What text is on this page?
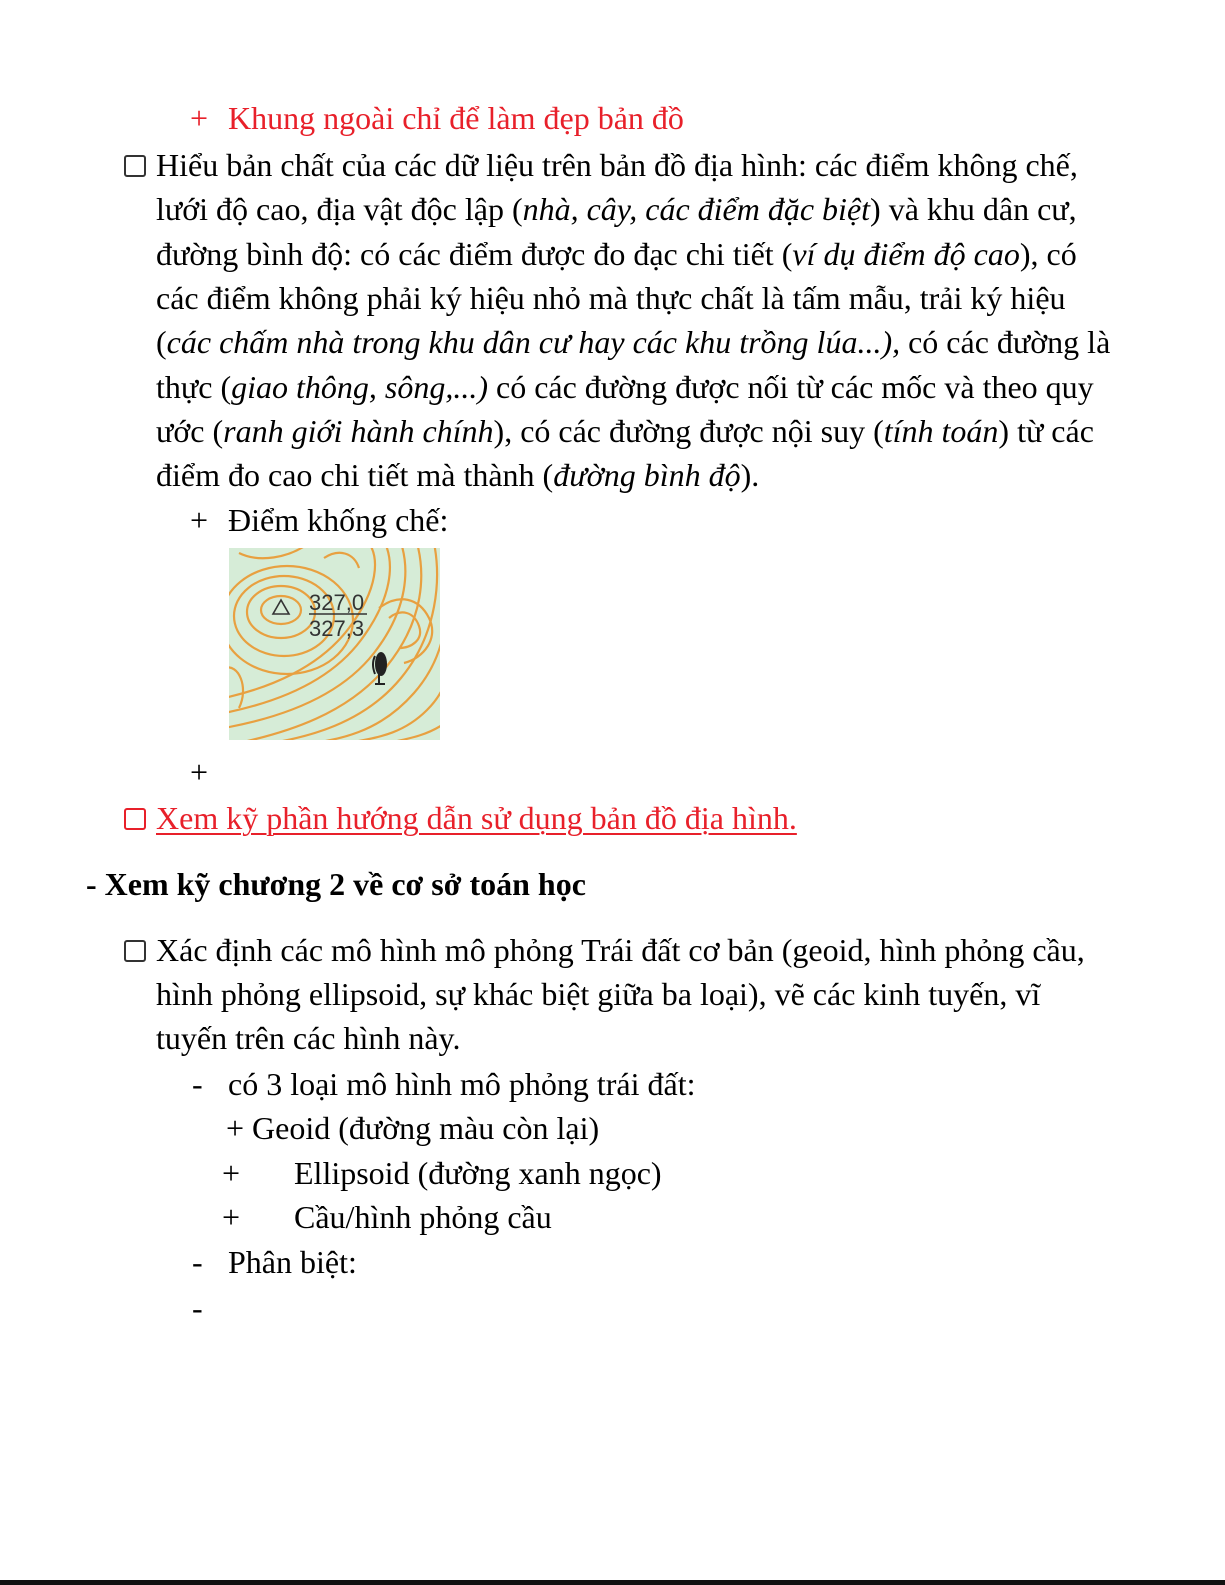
+ Khung ngoài chỉ để làm đẹp bản đồ
Hiểu bản chất của các dữ liệu trên bản đồ địa hình: các điểm không chế,
lưới độ cao, địa vật độc lập (nhà, cây, các điểm đặc biệt) và khu dân cư,
đường bình độ: có các điểm được đo đạc chi tiết (ví dụ điểm độ cao), có
các điểm không phải ký hiệu nhỏ mà thực chất là tấm mẫu, trải ký hiệu
(các chấm nhà trong khu dân cư hay các khu trồng lúa...), có các đường là
thực (giao thông, sông,...) có các đường được nối từ các mốc và theo quy
ước (ranh giới hành chính), có các đường được nội suy (tính toán) từ các
điểm đo cao chi tiết mà thành (đường bình độ).
+ Điểm khống chế:
327,0
327,3
+
Xem kỹ phần hướng dẫn sử dụng bản đồ địa hình.
- Xem kỹ chương 2 về cơ sở toán học
Xác định các mô hình mô phỏng Trái đất cơ bản (geoid, hình phỏng cầu,
hình phỏng ellipsoid, sự khác biệt giữa ba loại), vẽ các kinh tuyến, vĩ
tuyến trên các hình này.
- có 3 loại mô hình mô phỏng trái đất:
+ Geoid (đường màu còn lại)
+ Ellipsoid (đường xanh ngọc)
+ Cầu/hình phỏng cầu
- Phân biệt:
-
